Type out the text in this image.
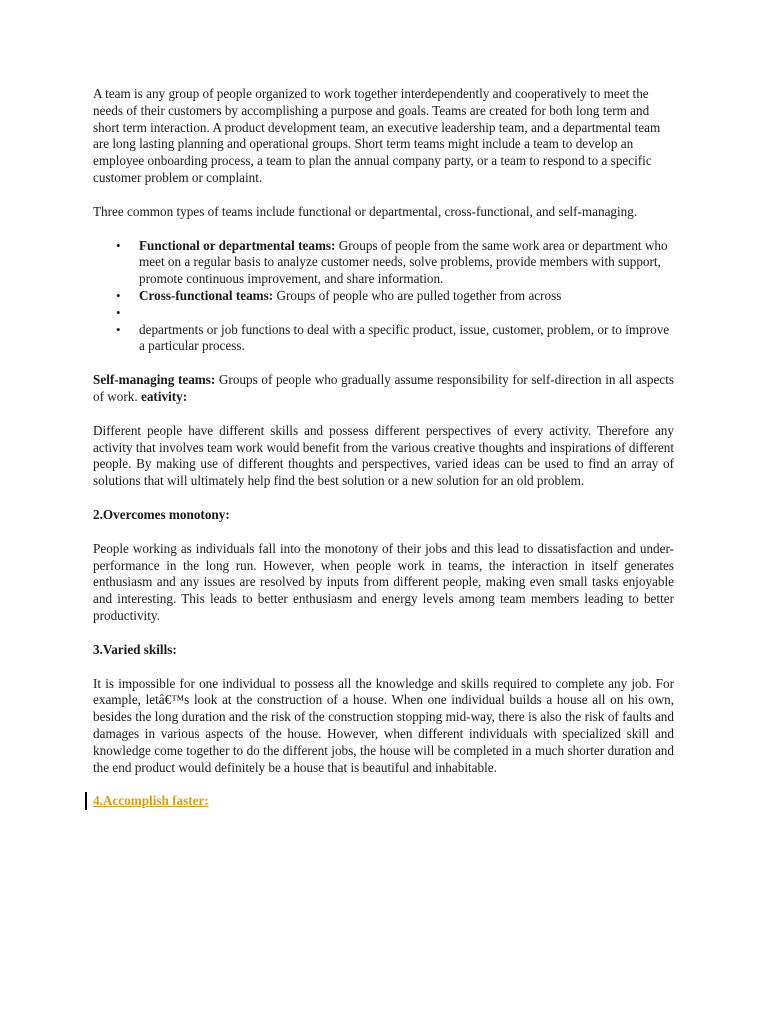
A team is any group of people organized to work together interdependently and cooperatively to meet the needs of their customers by accomplishing a purpose and goals. Teams are created for both long term and short term interaction. A product development team, an executive leadership team, and a departmental team are long lasting planning and operational groups. Short term teams might include a team to develop an employee onboarding process, a team to plan the annual company party, or a team to respond to a specific customer problem or complaint.

Three common types of teams include functional or departmental, cross-functional, and self-managing.

• Functional or departmental teams: Groups of people from the same work area or department who meet on a regular basis to analyze customer needs, solve problems, provide members with support, promote continuous improvement, and share information.
• Cross-functional teams: Groups of people who are pulled together from across
•
• departments or job functions to deal with a specific product, issue, customer, problem, or to improve a particular process.

Self-managing teams: Groups of people who gradually assume responsibility for self-direction in all aspects of work. eativity:

Different people have different skills and possess different perspectives of every activity. Therefore any activity that involves team work would benefit from the various creative thoughts and inspirations of different people. By making use of different thoughts and perspectives, varied ideas can be used to find an array of solutions that will ultimately help find the best solution or a new solution for an old problem.

2.Overcomes monotony:

People working as individuals fall into the monotony of their jobs and this lead to dissatisfaction and under-performance in the long run. However, when people work in teams, the interaction in itself generates enthusiasm and any issues are resolved by inputs from different people, making even small tasks enjoyable and interesting. This leads to better enthusiasm and energy levels among team members leading to better productivity.

3.Varied skills:

It is impossible for one individual to possess all the knowledge and skills required to complete any job. For example, letâ€™s look at the construction of a house. When one individual builds a house all on his own, besides the long duration and the risk of the construction stopping mid-way, there is also the risk of faults and damages in various aspects of the house. However, when different individuals with specialized skill and knowledge come together to do the different jobs, the house will be completed in a much shorter duration and the end product would definitely be a house that is beautiful and inhabitable.

4.Accomplish faster:
